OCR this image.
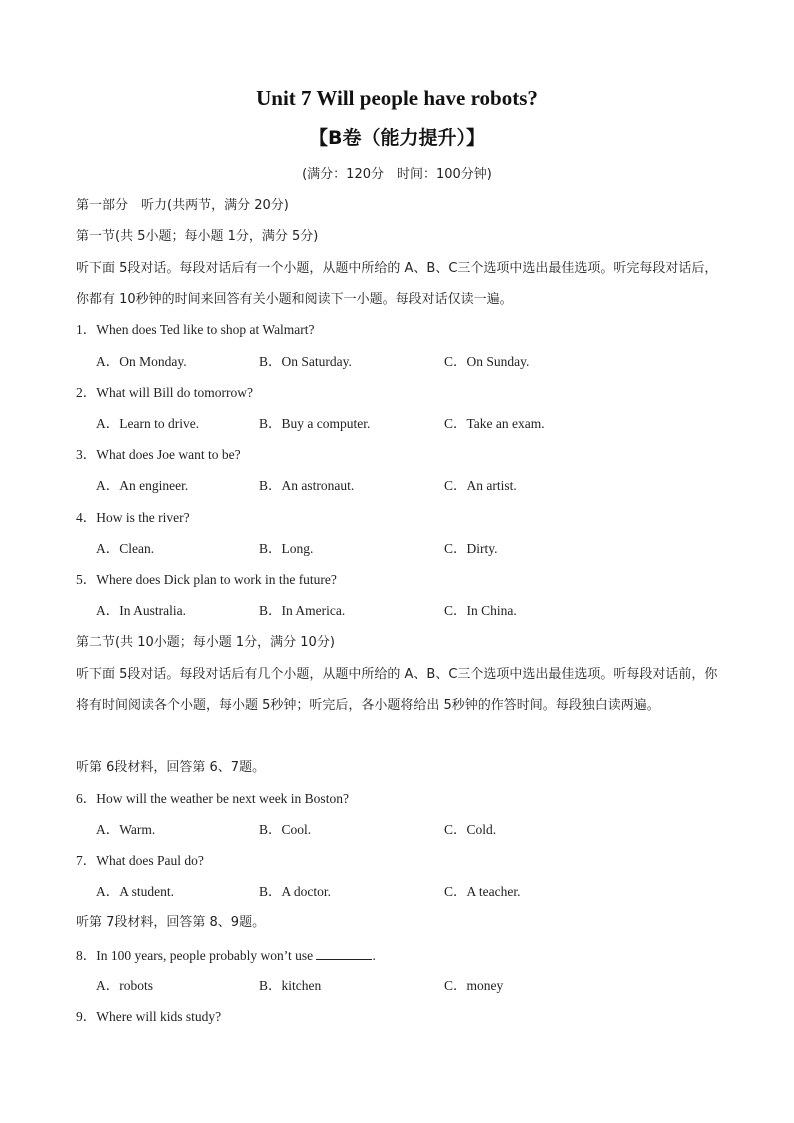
Unit 7 Will people have robots?
【B卷（能力提升）】
(满分：120分　时间：100分钟)
第一部分　听力(共两节，满分 20分)
第一节(共 5小题；每小题 1分，满分 5分)
听下面 5段对话。每段对话后有一个小题，从题中所给的 A、B、C三个选项中选出最佳选项。听完每段对话后，你都有 10秒钟的时间来回答有关小题和阅读下一小题。每段对话仅读一遍。
1．When does Ted like to shop at Walmart?
A．On Monday.	B．On Saturday.	C．On Sunday.
2．What will Bill do tomorrow?
A．Learn to drive.	B．Buy a computer.	C．Take an exam.
3．What does Joe want to be?
A．An engineer.	B．An astronaut.	C．An artist.
4．How is the river?
A．Clean.	B．Long.	C．Dirty.
5．Where does Dick plan to work in the future?
A．In Australia.	B．In America.	C．In China.
第二节(共 10小题；每小题 1分，满分 10分)
听下面 5段对话。每段对话后有几个小题，从题中所给的 A、B、C三个选项中选出最佳选项。听每段对话前，你将有时间阅读各个小题，每小题 5秒钟；听完后，各小题将给出 5秒钟的作答时间。每段独白读两遍。
听第 6段材料，回答第 6、7题。
6．How will the weather be next week in Boston?
A．Warm.	B．Cool.	C．Cold.
7．What does Paul do?
A．A student.	B．A doctor.	C．A teacher.
听第 7段材料，回答第 8、9题。
8．In 100 years, people probably won’t use	.
A．robots	B．kitchen	C．money
9．Where will kids study?
